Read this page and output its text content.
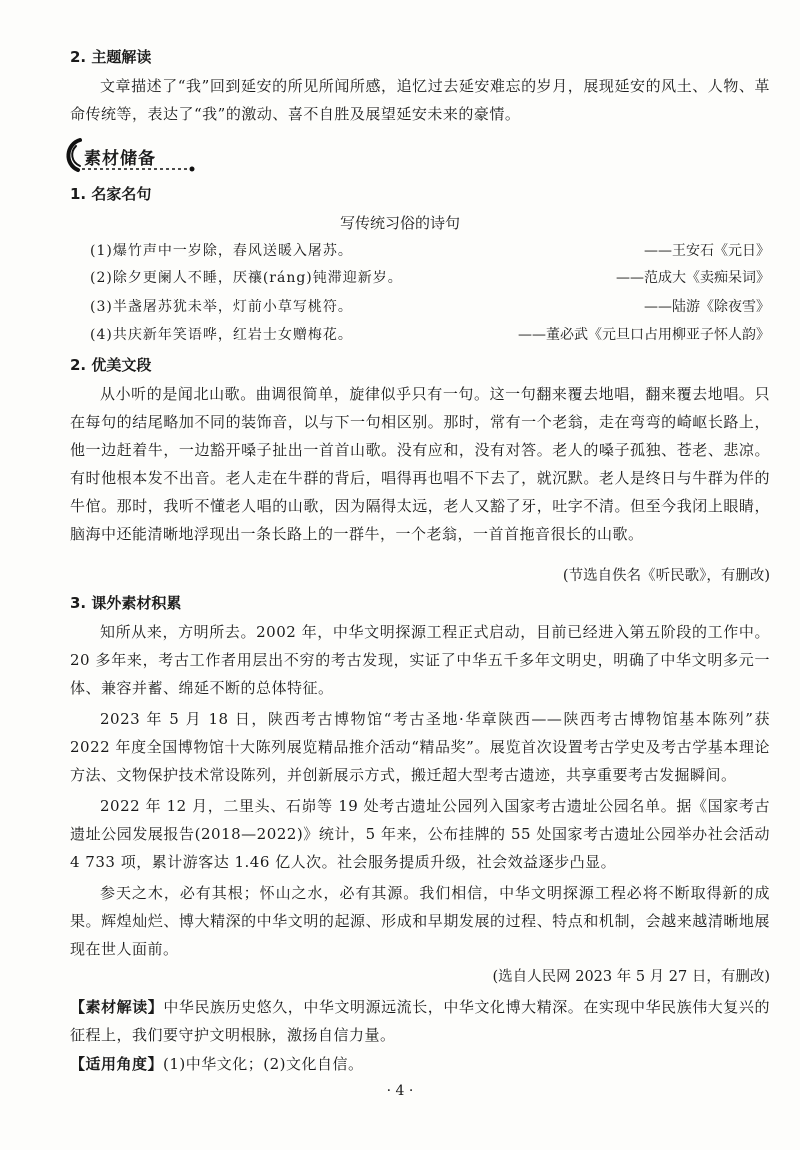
2. 主题解读
文章描述了“我”回到延安的所见所闻所感，追忆过去延安难忘的岁月，展现延安的风土、人物、革命传统等，表达了“我”的激动、喜不自胜及展望延安未来的豪情。
素材储备
1. 名家名句
写传统习俗的诗句
(1)爆竹声中一岁除，春风送暖入屠苏。	——王安石《元日》
(2)除夕更阑人不睡，厌禳(ráng)钝滞迎新岁。	——范成大《卖痴呆词》
(3)半盏屠苏犹未举，灯前小草写桃符。	——陆游《除夜雪》
(4)共庆新年笑语哗，红岩士女赠梅花。	——董必武《元旦口占用柳亚子怀人韵》
2. 优美文段
从小听的是闻北山歌。曲调很简单，旋律似乎只有一句。这一句翻来覆去地唱，翻来覆去地唱。只在每句的结尾略加不同的装饰音，以与下一句相区别。那时，常有一个老翁，走在弯弯的崎岖长路上，他一边赶着牛，一边豁开嗓子扯出一首首山歌。没有应和，没有对答。老人的嗓子孤独、苍老、悲凉。有时他根本发不出音。老人走在牛群的背后，唱得再也唱不下去了，就沉默。老人是终日与牛群为伴的牛倌。那时，我听不懂老人唱的山歌，因为隔得太远，老人又豁了牙，吐字不清。但至今我闭上眼睛，脑海中还能清晰地浮现出一条长路上的一群牛，一个老翁，一首首拖音很长的山歌。
(节选自佚名《听民歌》，有删改)
3. 课外素材积累
知所从来，方明所去。2002 年，中华文明探源工程正式启动，目前已经进入第五阶段的工作中。20 多年来，考古工作者用层出不穷的考古发现，实证了中华五千多年文明史，明确了中华文明多元一体、兼容并蓄、绵延不断的总体特征。
2023 年 5 月 18 日，陕西考古博物馆“考古圣地·华章陕西——陕西考古博物馆基本陈列”获 2022 年度全国博物馆十大陈列展览精品推介活动“精品奖”。展览首次设置考古学史及考古学基本理论方法、文物保护技术常设陈列，并创新展示方式，搬迁超大型考古遗迹，共享重要考古发掘瞬间。
2022 年 12 月，二里头、石峁等 19 处考古遗址公园列入国家考古遗址公园名单。据《国家考古遗址公园发展报告(2018—2022)》统计，5 年来，公布挂牌的 55 处国家考古遗址公园举办社会活动 4 733 项，累计游客达 1.46 亿人次。社会服务提质升级，社会效益逐步凸显。
参天之木，必有其根；怀山之水，必有其源。我们相信，中华文明探源工程必将不断取得新的成果。辉煌灿烂、博大精深的中华文明的起源、形成和早期发展的过程、特点和机制，会越来越清晰地展现在世人面前。
(选自人民网 2023 年 5 月 27 日，有删改)
【素材解读】中华民族历史悠久，中华文明源远流长，中华文化博大精深。在实现中华民族伟大复兴的征程上，我们要守护文明根脉，激扬自信力量。
【适用角度】(1)中华文化；(2)文化自信。
· 4 ·
